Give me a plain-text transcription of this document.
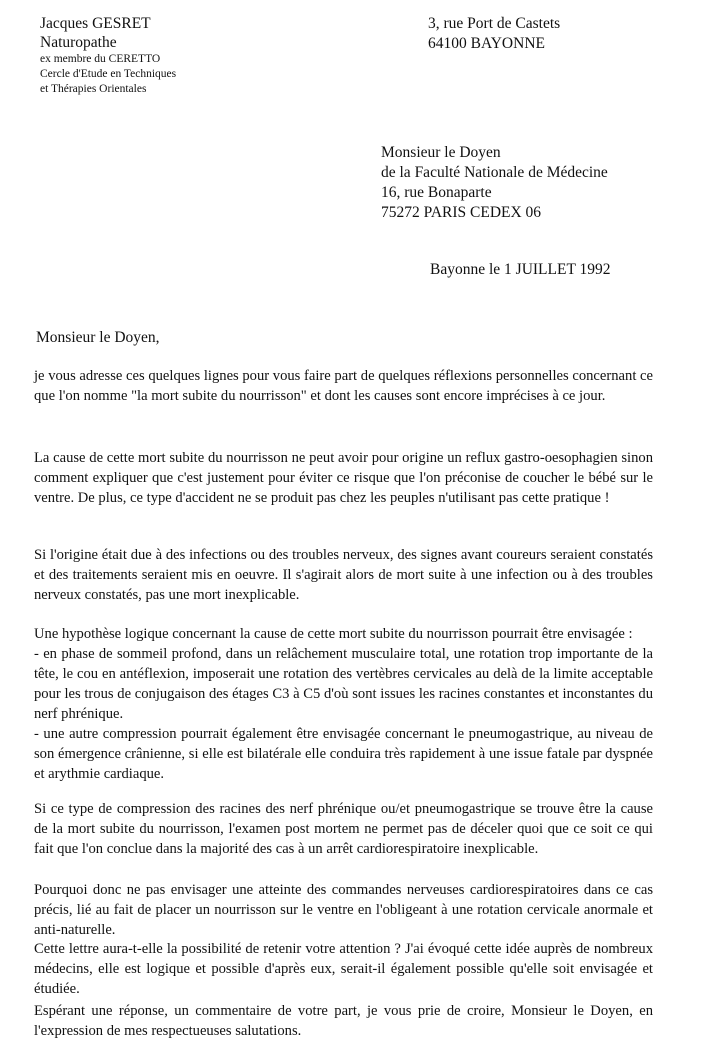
Jacques GESRET
Naturopathe
ex membre du CERETTO
Cercle d'Etude en Techniques
et Thérapies Orientales
3, rue Port de Castets
64100 BAYONNE
Monsieur le Doyen
de la Faculté Nationale de Médecine
16, rue Bonaparte
75272 PARIS CEDEX 06
Bayonne le 1 JUILLET 1992
Monsieur le Doyen,

je vous adresse ces quelques lignes pour vous faire part de quelques réflexions personnelles concernant ce que l'on nomme "la mort subite du nourrisson" et dont les causes sont encore imprécises à ce jour.

La cause de cette mort subite du nourrisson ne peut avoir pour origine un reflux gastro-oesophagien sinon comment expliquer que c'est justement pour éviter ce risque que l'on préconise de coucher le bébé sur le ventre. De plus, ce type d'accident ne se produit pas chez les peuples n'utilisant pas cette pratique !

Si l'origine était due à des infections ou des troubles nerveux, des signes avant coureurs seraient constatés et des traitements seraient mis en oeuvre. Il s'agirait alors de mort suite à une infection ou à des troubles nerveux constatés, pas une mort inexplicable.

Une hypothèse logique concernant la cause de cette mort subite du nourrisson pourrait être envisagée :

- en phase de sommeil profond, dans un relâchement musculaire total, une rotation trop importante de la tête, le cou en antéflexion, imposerait une rotation des vertèbres cervicales au delà de la limite acceptable pour les trous de conjugaison des étages C3 à C5 d'où sont issues les racines constantes et inconstantes du nerf phrénique.

- une autre compression pourrait également être envisagée concernant le pneumogastrique, au niveau de son émergence crânienne, si elle est bilatérale elle conduira très rapidement à une issue fatale par dyspnée et arythmie cardiaque.

Si ce type de compression des racines des nerf phrénique ou/et pneumogastrique se trouve être la cause de la mort subite du nourrisson, l'examen post mortem ne permet pas de déceler quoi que ce soit ce qui fait que l'on conclue dans la majorité des cas à un arrêt cardiorespiratoire inexplicable.

Pourquoi donc ne pas envisager une atteinte des commandes nerveuses cardiorespiratoires dans ce cas précis, lié au fait de placer un nourrisson sur le ventre en l'obligeant à une rotation cervicale anormale et anti-naturelle.

Cette lettre aura-t-elle la possibilité de retenir votre attention ? J'ai évoqué cette idée auprès de nombreux médecins, elle est logique et possible d'après eux, serait-il également possible qu'elle soit envisagée et étudiée.

Espérant une réponse, un commentaire de votre part, je vous prie de croire, Monsieur le Doyen, en l'expression de mes respectueuses salutations.
